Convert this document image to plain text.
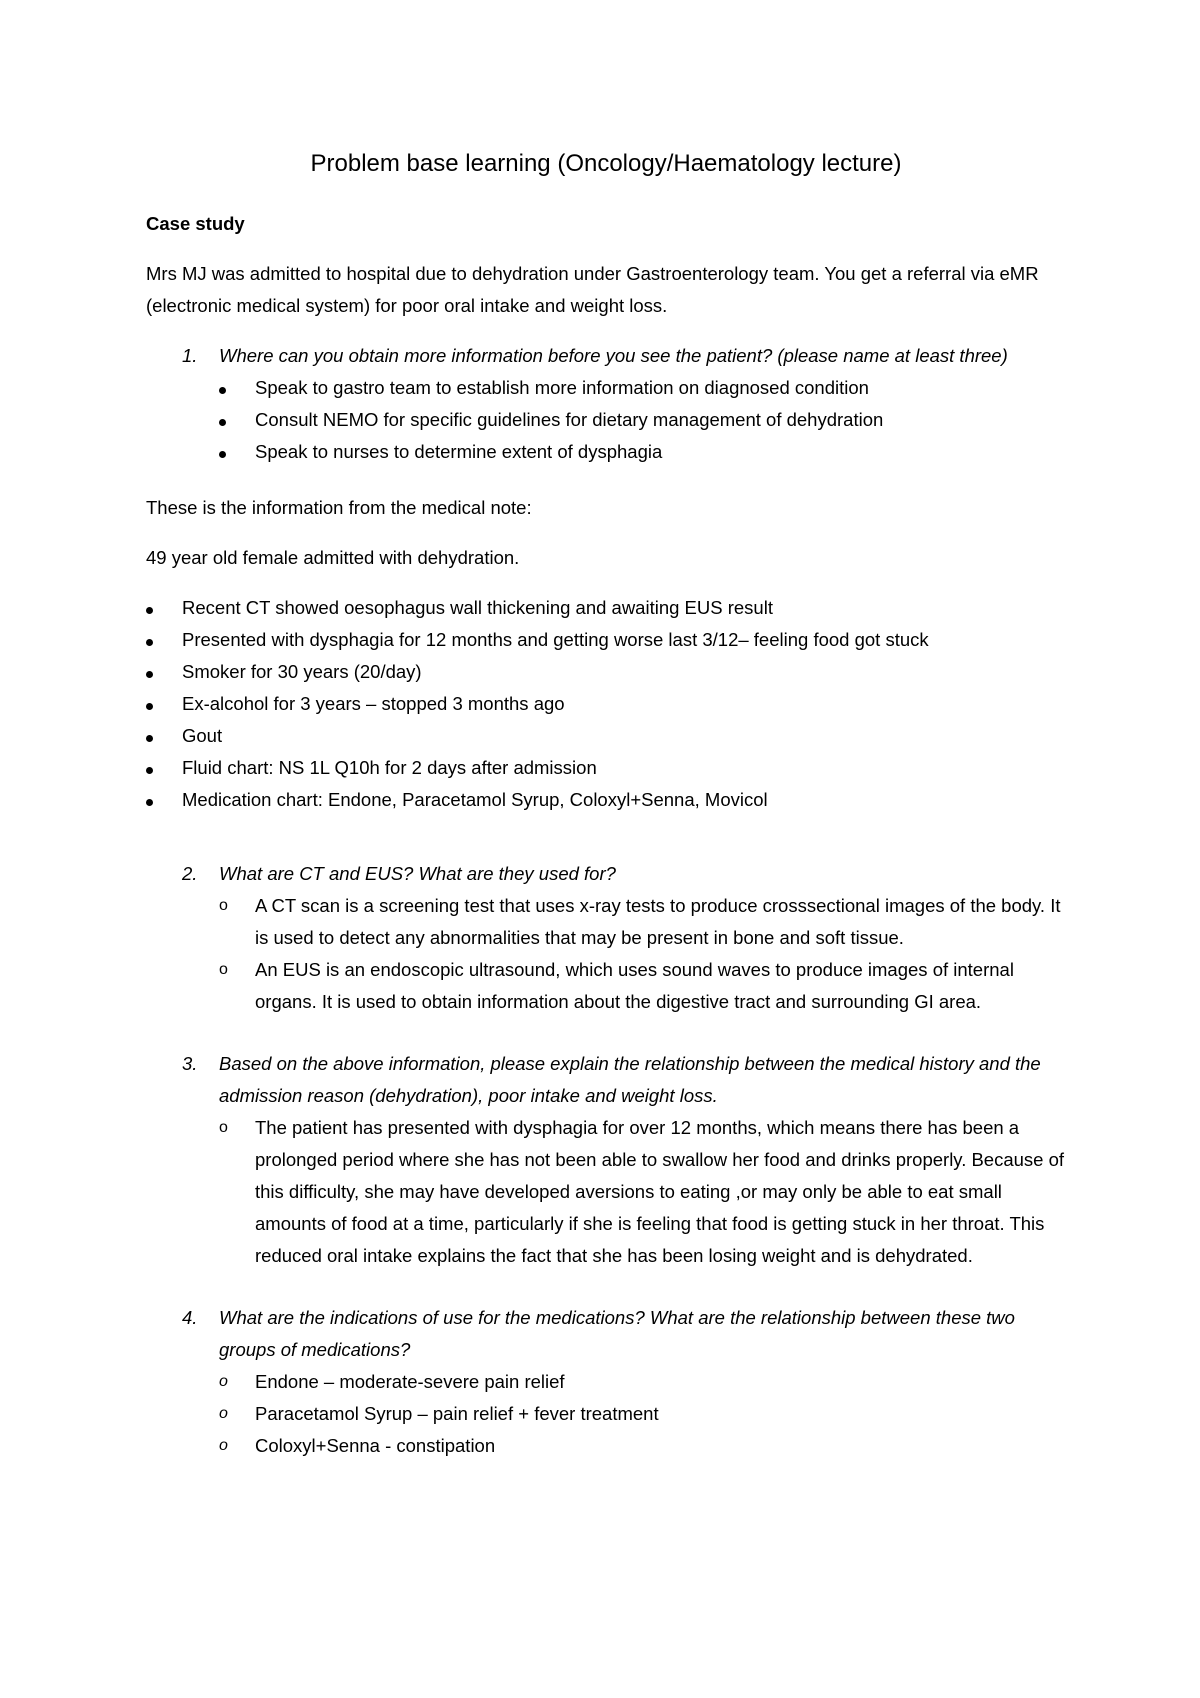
Problem base learning (Oncology/Haematology lecture)

Case study

Mrs MJ was admitted to hospital due to dehydration under Gastroenterology team. You get a referral via eMR (electronic medical system) for poor oral intake and weight loss.

1. Where can you obtain more information before you see the patient? (please name at least three)
Speak to gastro team to establish more information on diagnosed condition
Consult NEMO for specific guidelines for dietary management of dehydration
Speak to nurses to determine extent of dysphagia

These is the information from the medical note:

49 year old female admitted with dehydration.

Recent CT showed oesophagus wall thickening and awaiting EUS result
Presented with dysphagia for 12 months and getting worse last 3/12– feeling food got stuck
Smoker for 30 years (20/day)
Ex-alcohol for 3 years – stopped 3 months ago
Gout
Fluid chart: NS 1L Q10h for 2 days after admission
Medication chart: Endone, Paracetamol Syrup, Coloxyl+Senna, Movicol
2. What are CT and EUS? What are they used for?
o A CT scan is a screening test that uses x-ray tests to produce crosssectional images of the body. It is used to detect any abnormalities that may be present in bone and soft tissue.
o An EUS is an endoscopic ultrasound, which uses sound waves to produce images of internal organs. It is used to obtain information about the digestive tract and surrounding GI area.
3. Based on the above information, please explain the relationship between the medical history and the admission reason (dehydration), poor intake and weight loss.
o The patient has presented with dysphagia for over 12 months, which means there has been a prolonged period where she has not been able to swallow her food and drinks properly. Because of this difficulty, she may have developed aversions to eating ,or may only be able to eat small amounts of food at a time, particularly if she is feeling that food is getting stuck in her throat. This reduced oral intake explains the fact that she has been losing weight and is dehydrated.
4. What are the indications of use for the medications? What are the relationship between these two groups of medications?
o Endone – moderate-severe pain relief
o Paracetamol Syrup – pain relief + fever treatment
o Coloxyl+Senna - constipation
